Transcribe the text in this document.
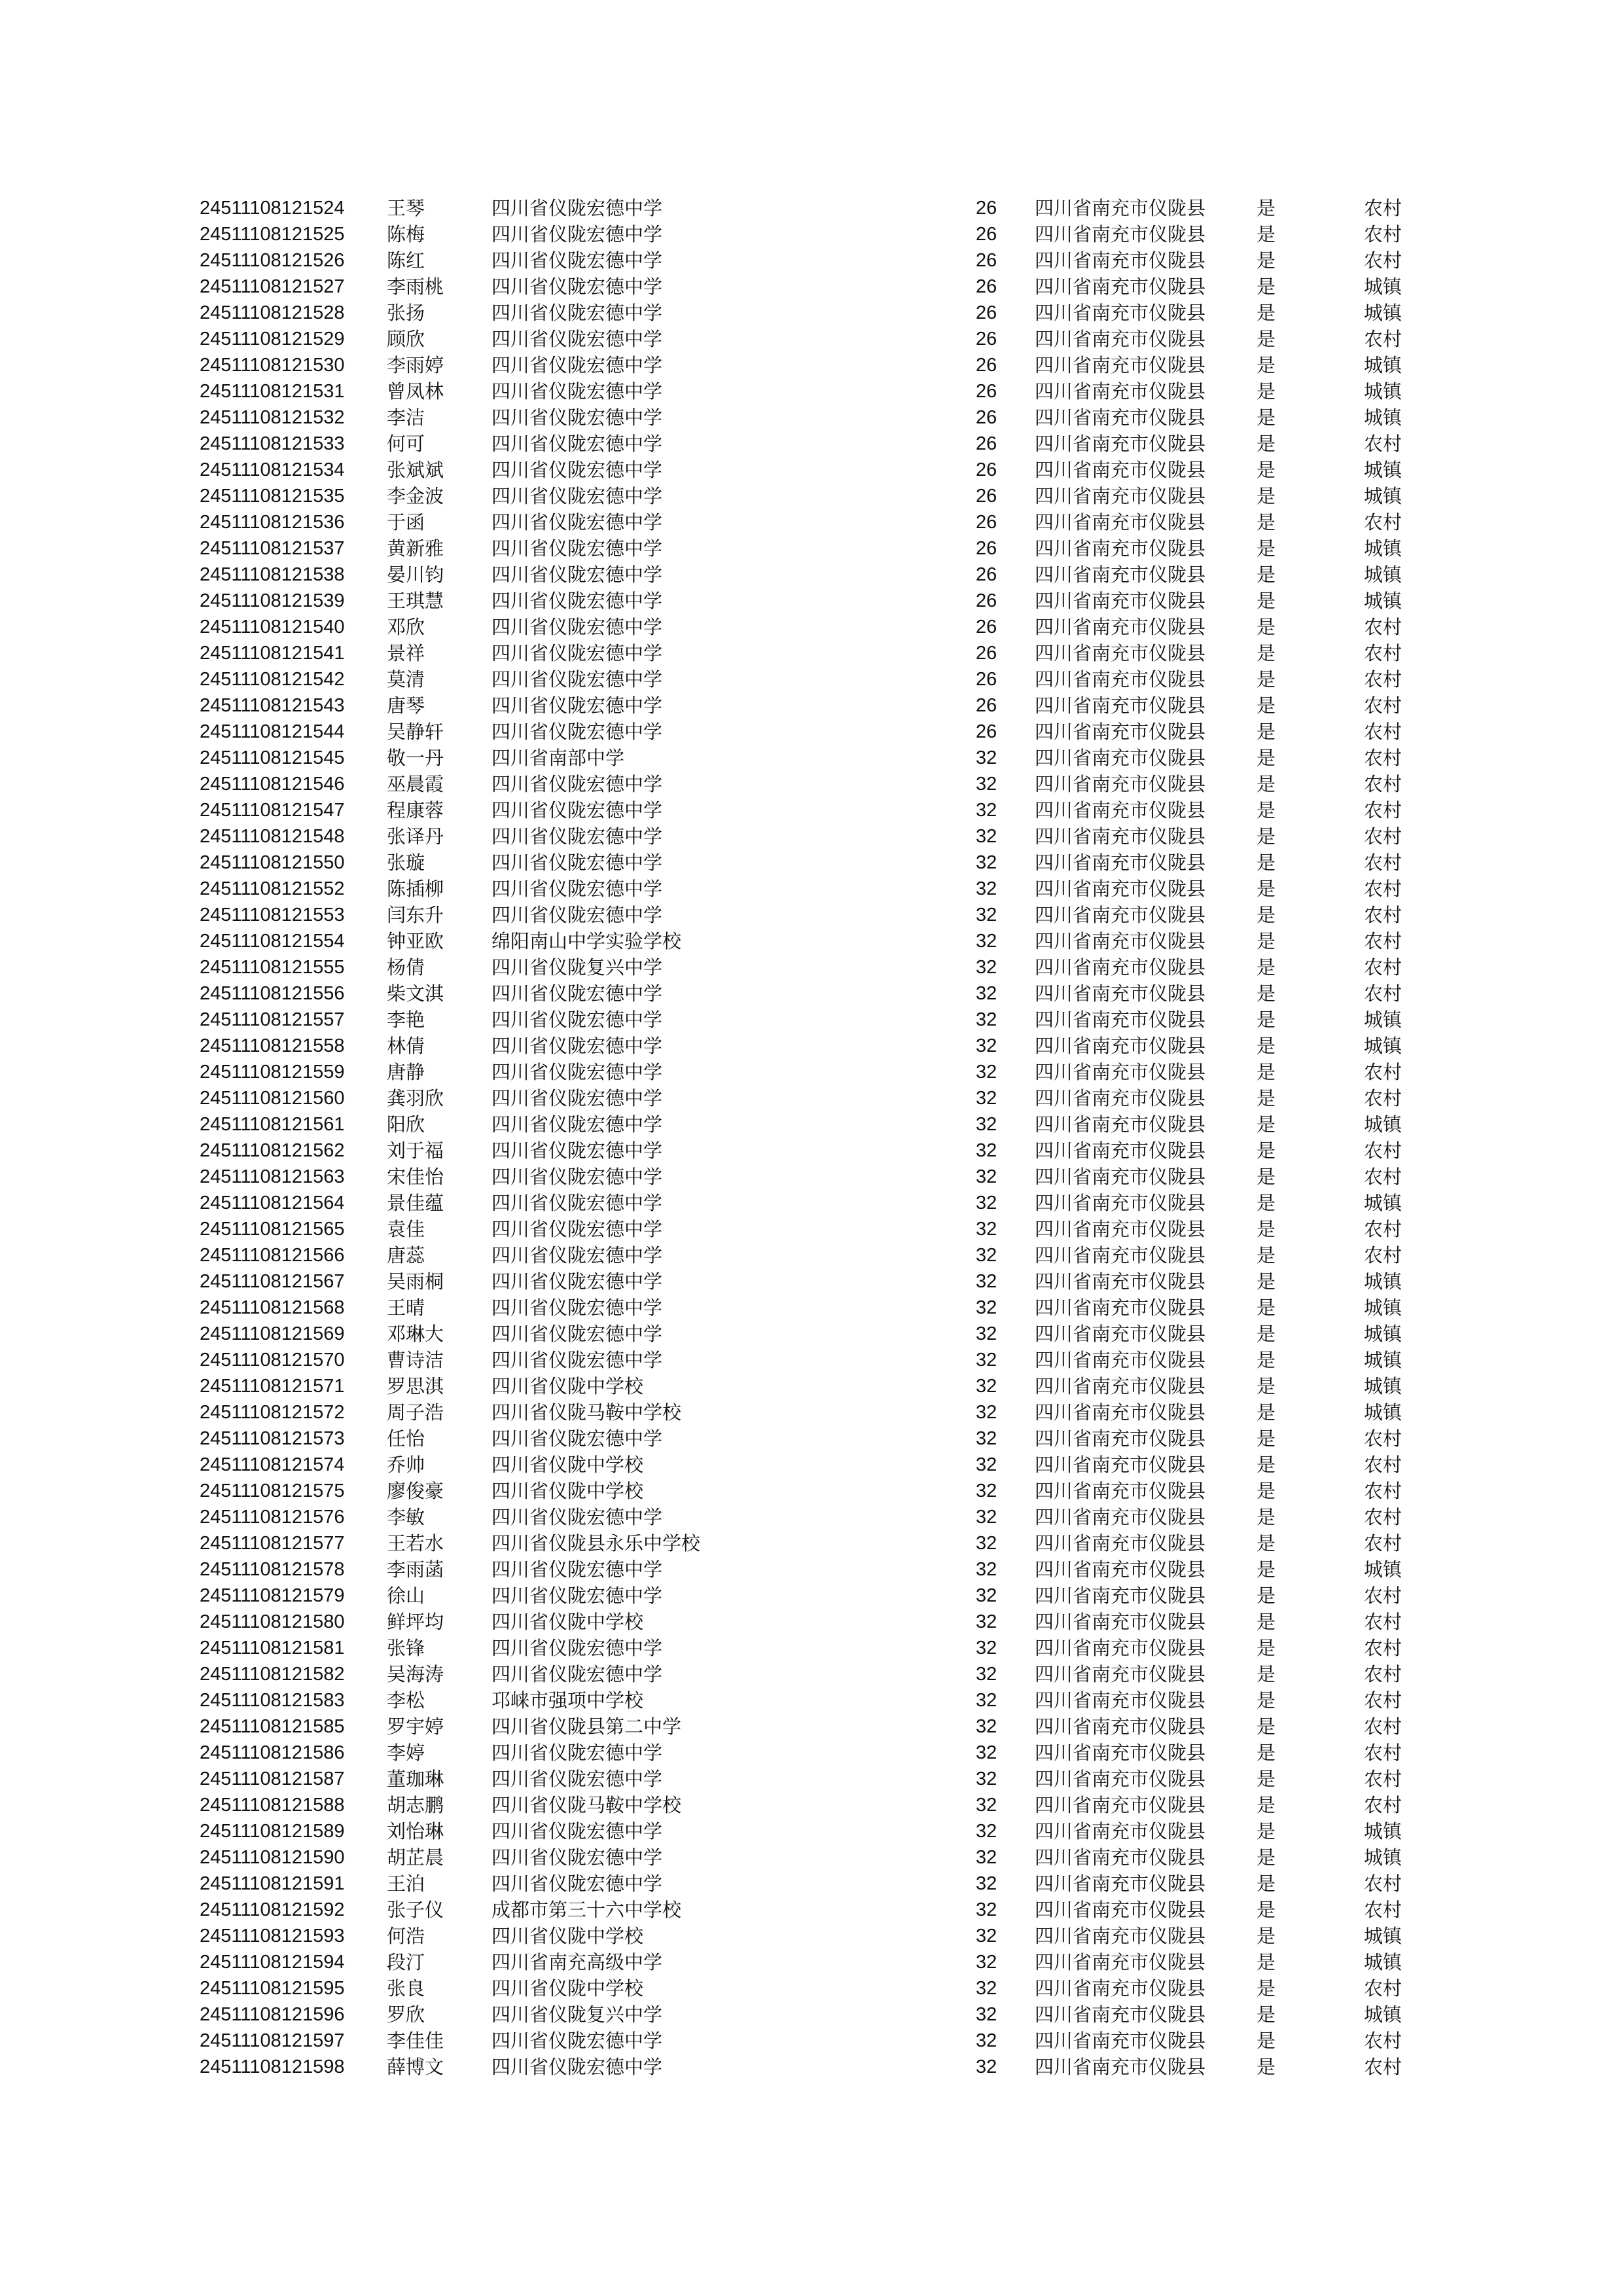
24511108121524 王琴	四川省仪陇宏德中学	26 四川省南充市仪陇县	是	农村
24511108121525 陈梅	四川省仪陇宏德中学	26 四川省南充市仪陇县	是	农村
24511108121526 陈红	四川省仪陇宏德中学	26 四川省南充市仪陇县	是	农村
24511108121527 李雨桃	四川省仪陇宏德中学	26 四川省南充市仪陇县	是	城镇
24511108121528 张扬	四川省仪陇宏德中学	26 四川省南充市仪陇县	是	城镇
24511108121529 顾欣	四川省仪陇宏德中学	26 四川省南充市仪陇县	是	农村
24511108121530 李雨婷	四川省仪陇宏德中学	26 四川省南充市仪陇县	是	城镇
24511108121531 曾凤林	四川省仪陇宏德中学	26 四川省南充市仪陇县	是	城镇
24511108121532 李洁	四川省仪陇宏德中学	26 四川省南充市仪陇县	是	城镇
24511108121533 何可	四川省仪陇宏德中学	26 四川省南充市仪陇县	是	农村
24511108121534 张斌斌	四川省仪陇宏德中学	26 四川省南充市仪陇县	是	城镇
24511108121535 李金波	四川省仪陇宏德中学	26 四川省南充市仪陇县	是	城镇
24511108121536 于函	四川省仪陇宏德中学	26 四川省南充市仪陇县	是	农村
24511108121537 黄新雅	四川省仪陇宏德中学	26 四川省南充市仪陇县	是	城镇
24511108121538 晏川钧	四川省仪陇宏德中学	26 四川省南充市仪陇县	是	城镇
24511108121539 王琪慧	四川省仪陇宏德中学	26 四川省南充市仪陇县	是	城镇
24511108121540 邓欣	四川省仪陇宏德中学	26 四川省南充市仪陇县	是	农村
24511108121541 景祥	四川省仪陇宏德中学	26 四川省南充市仪陇县	是	农村
24511108121542 莫清	四川省仪陇宏德中学	26 四川省南充市仪陇县	是	农村
24511108121543 唐琴	四川省仪陇宏德中学	26 四川省南充市仪陇县	是	农村
24511108121544 吴静轩	四川省仪陇宏德中学	26 四川省南充市仪陇县	是	农村
24511108121545 敬一丹	四川省南部中学	32 四川省南充市仪陇县	是	农村
24511108121546 巫晨霞	四川省仪陇宏德中学	32 四川省南充市仪陇县	是	农村
24511108121547 程康蓉	四川省仪陇宏德中学	32 四川省南充市仪陇县	是	农村
24511108121548 张译丹	四川省仪陇宏德中学	32 四川省南充市仪陇县	是	农村
24511108121550 张璇	四川省仪陇宏德中学	32 四川省南充市仪陇县	是	农村
24511108121552 陈插柳	四川省仪陇宏德中学	32 四川省南充市仪陇县	是	农村
24511108121553 闫东升	四川省仪陇宏德中学	32 四川省南充市仪陇县	是	农村
24511108121554 钟亚欧	绵阳南山中学实验学校	32 四川省南充市仪陇县	是	农村
24511108121555 杨倩	四川省仪陇复兴中学	32 四川省南充市仪陇县	是	农村
24511108121556 柴文淇	四川省仪陇宏德中学	32 四川省南充市仪陇县	是	农村
24511108121557 李艳	四川省仪陇宏德中学	32 四川省南充市仪陇县	是	城镇
24511108121558 林倩	四川省仪陇宏德中学	32 四川省南充市仪陇县	是	城镇
24511108121559 唐静	四川省仪陇宏德中学	32 四川省南充市仪陇县	是	农村
24511108121560 龚羽欣	四川省仪陇宏德中学	32 四川省南充市仪陇县	是	农村
24511108121561 阳欣	四川省仪陇宏德中学	32 四川省南充市仪陇县	是	城镇
24511108121562 刘于福	四川省仪陇宏德中学	32 四川省南充市仪陇县	是	农村
24511108121563 宋佳怡	四川省仪陇宏德中学	32 四川省南充市仪陇县	是	农村
24511108121564 景佳蕴	四川省仪陇宏德中学	32 四川省南充市仪陇县	是	城镇
24511108121565 袁佳	四川省仪陇宏德中学	32 四川省南充市仪陇县	是	农村
24511108121566 唐蕊	四川省仪陇宏德中学	32 四川省南充市仪陇县	是	农村
24511108121567 吴雨桐	四川省仪陇宏德中学	32 四川省南充市仪陇县	是	城镇
24511108121568 王晴	四川省仪陇宏德中学	32 四川省南充市仪陇县	是	城镇
24511108121569 邓琳大	四川省仪陇宏德中学	32 四川省南充市仪陇县	是	城镇
24511108121570 曹诗洁	四川省仪陇宏德中学	32 四川省南充市仪陇县	是	城镇
24511108121571 罗思淇	四川省仪陇中学校	32 四川省南充市仪陇县	是	城镇
24511108121572 周子浩	四川省仪陇马鞍中学校	32 四川省南充市仪陇县	是	城镇
24511108121573 任怡	四川省仪陇宏德中学	32 四川省南充市仪陇县	是	农村
24511108121574 乔帅	四川省仪陇中学校	32 四川省南充市仪陇县	是	农村
24511108121575 廖俊豪	四川省仪陇中学校	32 四川省南充市仪陇县	是	农村
24511108121576 李敏	四川省仪陇宏德中学	32 四川省南充市仪陇县	是	农村
24511108121577 王若水	四川省仪陇县永乐中学校	32 四川省南充市仪陇县	是	农村
24511108121578 李雨菡	四川省仪陇宏德中学	32 四川省南充市仪陇县	是	城镇
24511108121579 徐山	四川省仪陇宏德中学	32 四川省南充市仪陇县	是	农村
24511108121580 鲜坪均	四川省仪陇中学校	32 四川省南充市仪陇县	是	农村
24511108121581 张锋	四川省仪陇宏德中学	32 四川省南充市仪陇县	是	农村
24511108121582 吴海涛	四川省仪陇宏德中学	32 四川省南充市仪陇县	是	农村
24511108121583 李松	邛崃市强项中学校	32 四川省南充市仪陇县	是	农村
24511108121585 罗宇婷	四川省仪陇县第二中学	32 四川省南充市仪陇县	是	农村
24511108121586 李婷	四川省仪陇宏德中学	32 四川省南充市仪陇县	是	农村
24511108121587 董珈琳	四川省仪陇宏德中学	32 四川省南充市仪陇县	是	农村
24511108121588 胡志鹏	四川省仪陇马鞍中学校	32 四川省南充市仪陇县	是	农村
24511108121589 刘怡琳	四川省仪陇宏德中学	32 四川省南充市仪陇县	是	城镇
24511108121590 胡芷晨	四川省仪陇宏德中学	32 四川省南充市仪陇县	是	城镇
24511108121591 王泊	四川省仪陇宏德中学	32 四川省南充市仪陇县	是	农村
24511108121592 张子仪	成都市第三十六中学校	32 四川省南充市仪陇县	是	农村
24511108121593 何浩	四川省仪陇中学校	32 四川省南充市仪陇县	是	城镇
24511108121594 段汀	四川省南充高级中学	32 四川省南充市仪陇县	是	城镇
24511108121595 张良	四川省仪陇中学校	32 四川省南充市仪陇县	是	农村
24511108121596 罗欣	四川省仪陇复兴中学	32 四川省南充市仪陇县	是	城镇
24511108121597 李佳佳	四川省仪陇宏德中学	32 四川省南充市仪陇县	是	农村
24511108121598 薛博文	四川省仪陇宏德中学	32 四川省南充市仪陇县	是	农村
